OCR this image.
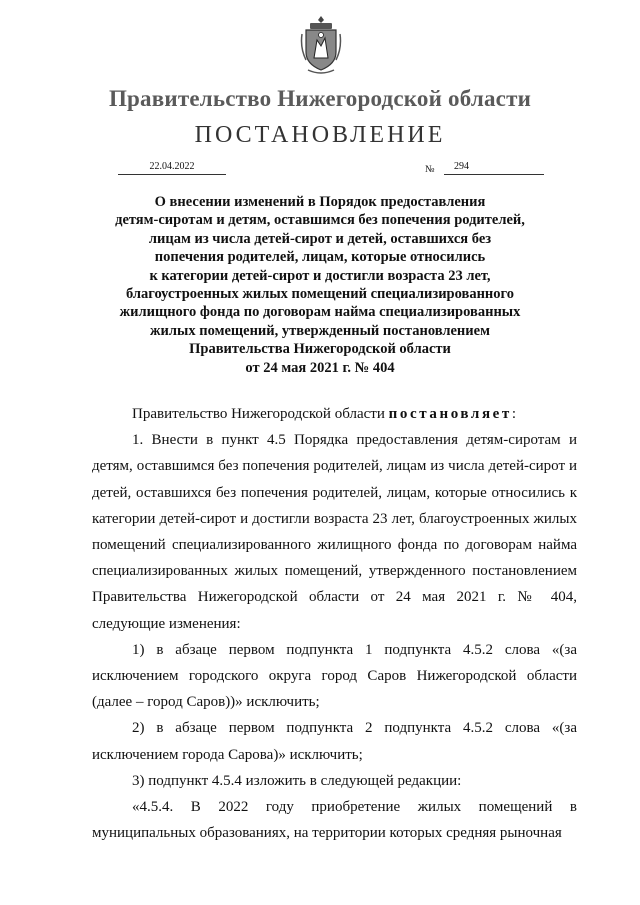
Правительство Нижегородской области
ПОСТАНОВЛЕНИЕ
22.04.2022	№	294
О внесении изменений в Порядок предоставления
детям-сиротам и детям, оставшимся без попечения родителей,
лицам из числа детей-сирот и детей, оставшихся без
попечения родителей, лицам, которые относились
к категории детей-сирот и достигли возраста 23 лет,
благоустроенных жилых помещений специализированного
жилищного фонда по договорам найма специализированных
жилых помещений, утвержденный постановлением
Правительства Нижегородской области
от 24 мая 2021 г. № 404

Правительство Нижегородской области постановляет:

1. Внести в пункт 4.5 Порядка предоставления детям-сиротам и детям, оставшимся без попечения родителей, лицам из числа детей-сирот и детей, оставшихся без попечения родителей, лицам, которые относились к категории детей-сирот и достигли возраста 23 лет, благоустроенных жилых помещений специализированного жилищного фонда по договорам найма специализированных жилых помещений, утвержденного постановлением Правительства Нижегородской области от 24 мая 2021 г. № 404, следующие изменения:

1) в абзаце первом подпункта 1 подпункта 4.5.2 слова «(за исключением городского округа город Саров Нижегородской области (далее – город Саров))» исключить;

2) в абзаце первом подпункта 2 подпункта 4.5.2 слова «(за исключением города Сарова)» исключить;

3) подпункт 4.5.4 изложить в следующей редакции:

«4.5.4. В 2022 году приобретение жилых помещений в муниципальных образованиях, на территории которых средняя рыночная
